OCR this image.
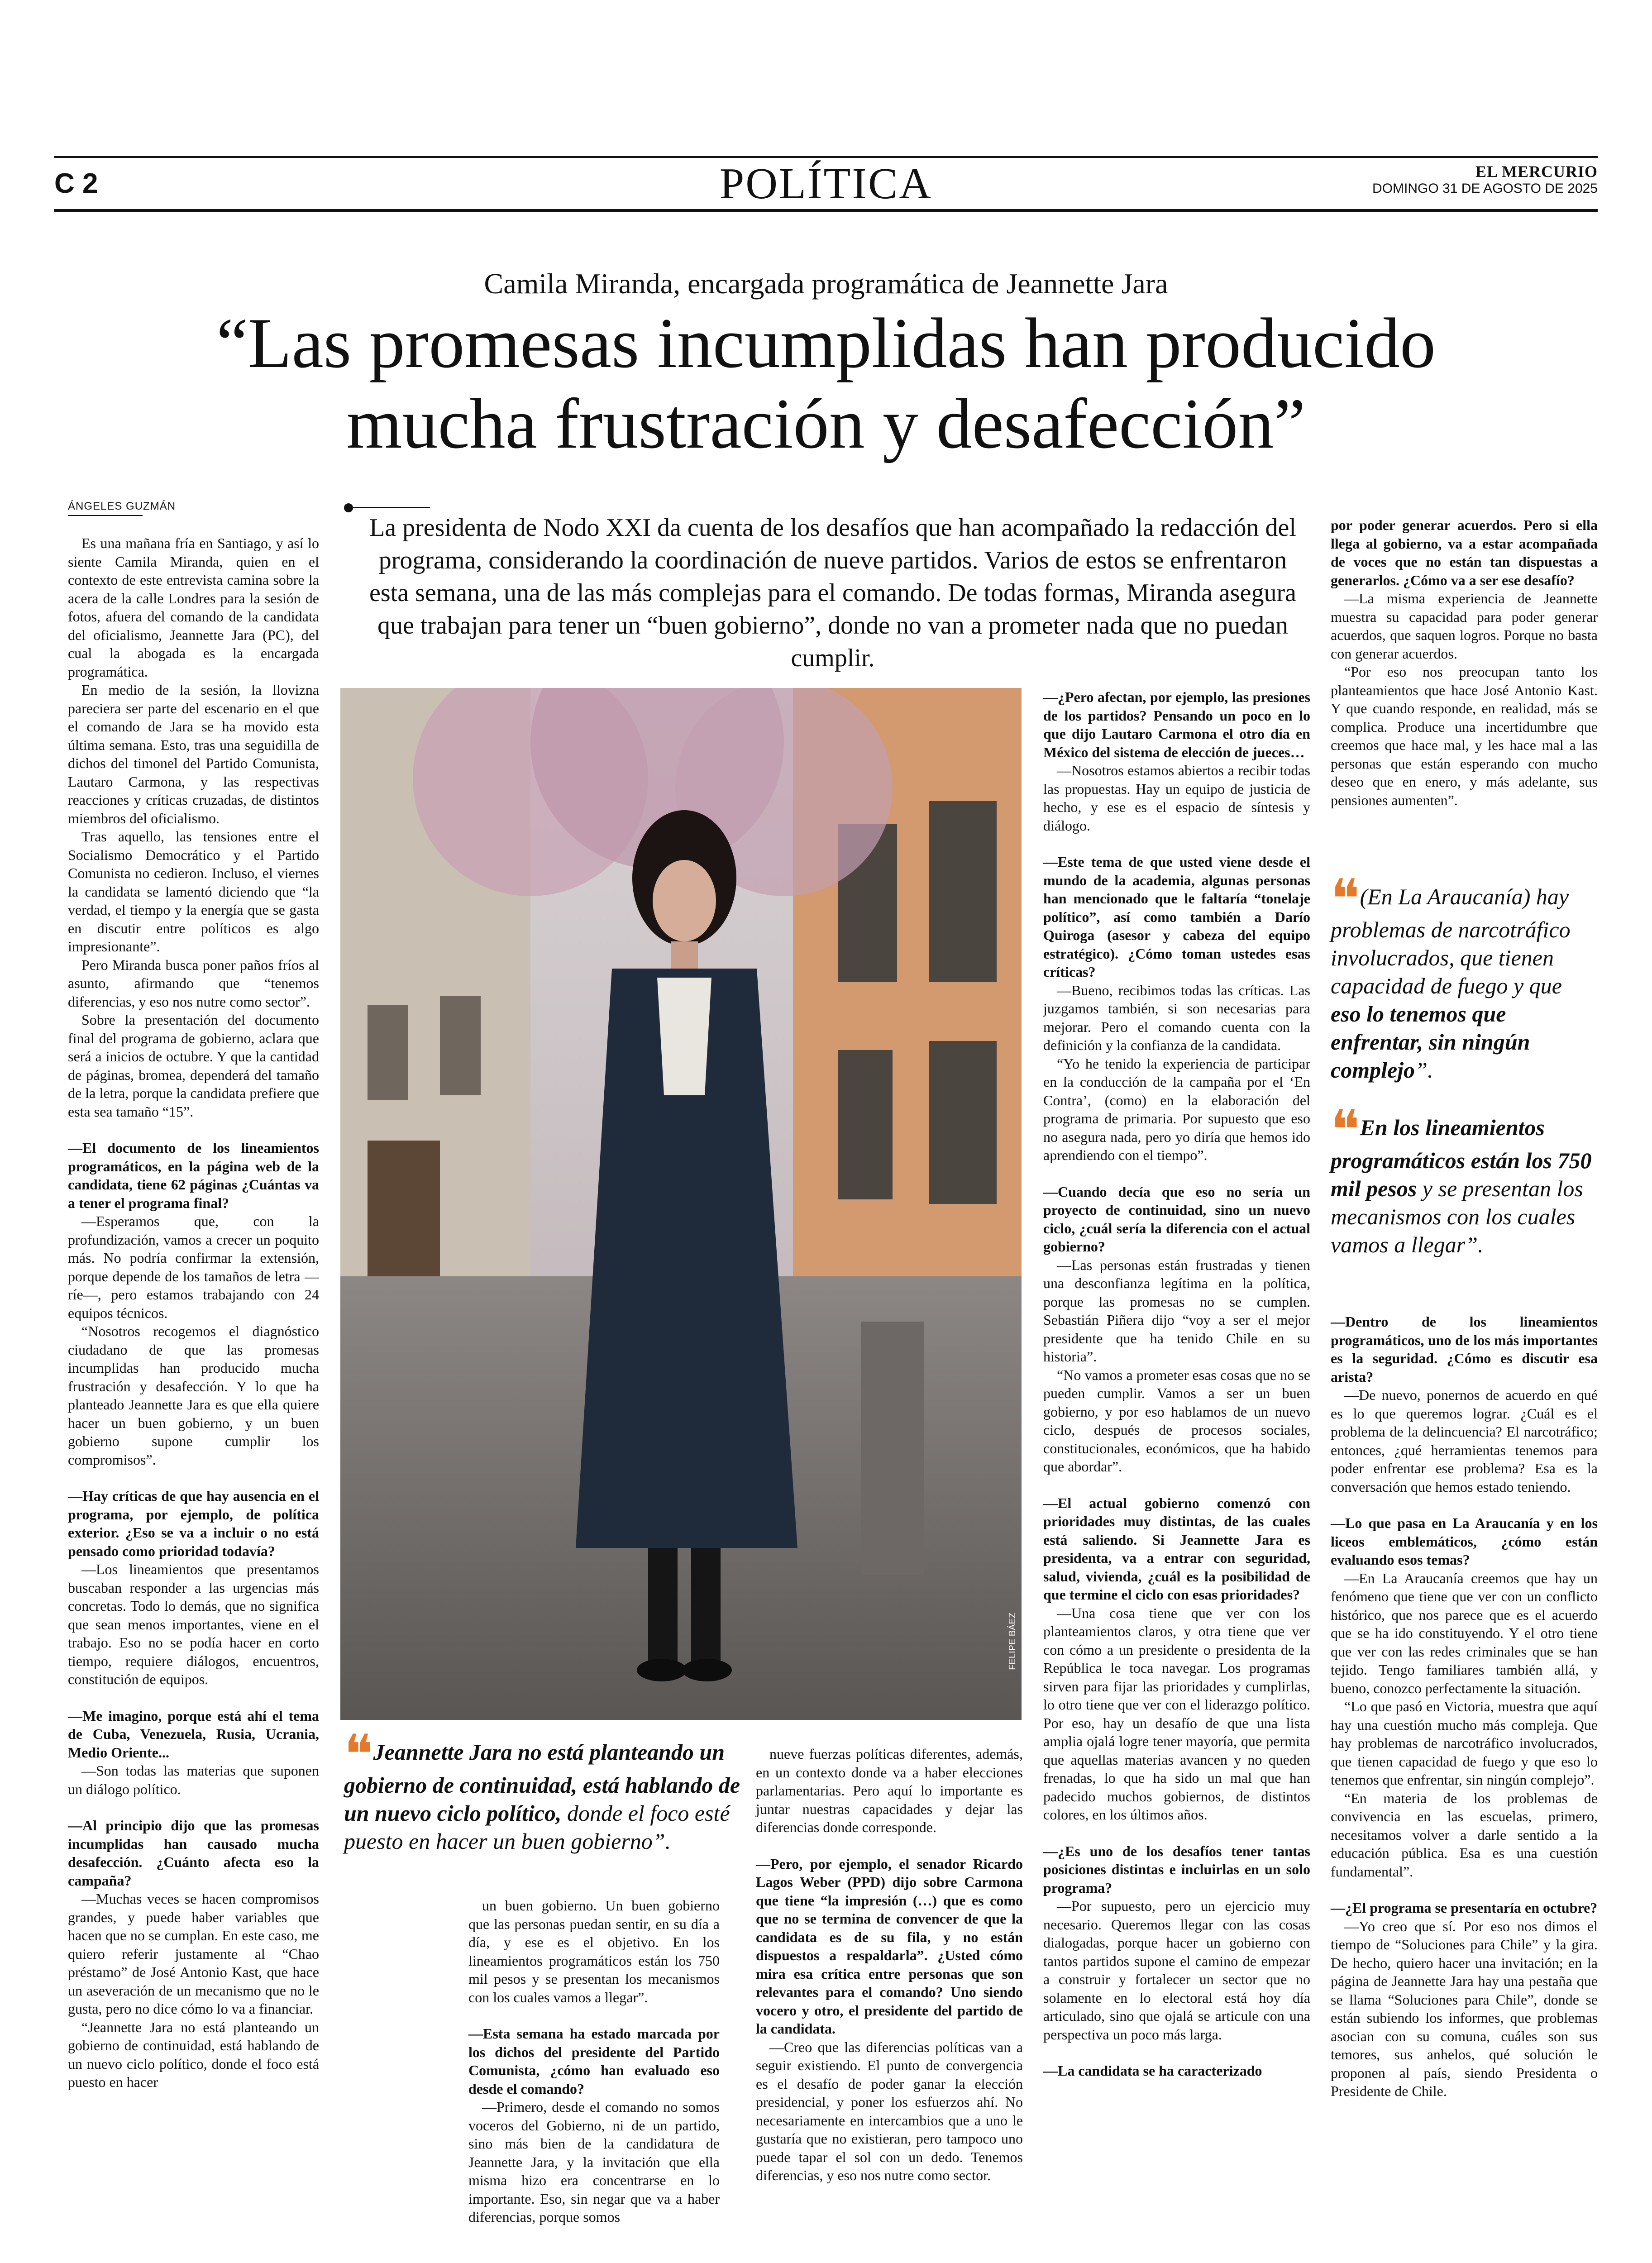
C 2	POLÍTICA	EL MERCURIO
DOMINGO 31 DE AGOSTO DE 2025
Camila Miranda, encargada programática de Jeannette Jara
“Las promesas incumplidas han producido
mucha frustración y desafección”
ÁNGELES GUZMÁN
La presidenta de Nodo XXI da cuenta de los desafíos que han acompañado la redacción del programa, considerando la coordinación de nueve partidos. Varios de estos se enfrentaron esta semana, una de las más complejas para el comando. De todas formas, Miranda asegura que trabajan para tener un “buen gobierno”, donde no van a prometer nada que no puedan cumplir.

Es una mañana fría en Santiago, y así lo siente Camila Miranda, quien en el contexto de este entrevista camina sobre la acera de la calle Londres para la sesión de fotos, afuera del comando de la candidata del oficialismo, Jeannette Jara (PC), del cual la abogada es la encargada programática.

En medio de la sesión, la llovizna pareciera ser parte del escenario en el que el comando de Jara se ha movido esta última semana. Esto, tras una seguidilla de dichos del timonel del Partido Comunista, Lautaro Carmona, y las respectivas reacciones y críticas cruzadas, de distintos miembros del oficialismo.

Tras aquello, las tensiones entre el Socialismo Democrático y el Partido Comunista no cedieron. Incluso, el viernes la candidata se lamentó diciendo que “la verdad, el tiempo y la energía que se gasta en discutir entre políticos es algo impresionante”.

Pero Miranda busca poner paños fríos al asunto, afirmando que “tenemos diferencias, y eso nos nutre como sector”.

Sobre la presentación del documento final del programa de gobierno, aclara que será a inicios de octubre. Y que la cantidad de páginas, bromea, dependerá del tamaño de la letra, porque la candidata prefiere que esta sea tamaño “15”.

—El documento de los lineamientos programáticos, en la página web de la candidata, tiene 62 páginas ¿Cuántas va a tener el programa final?

—Esperamos que, con la profundización, vamos a crecer un poquito más. No podría confirmar la extensión, porque depende de los tamaños de letra —ríe—, pero estamos trabajando con 24 equipos técnicos.

“Nosotros recogemos el diagnóstico ciudadano de que las promesas incumplidas han producido mucha frustración y desafección. Y lo que ha planteado Jeannette Jara es que ella quiere hacer un buen gobierno, y un buen gobierno supone cumplir los compromisos”.

—Hay críticas de que hay ausencia en el programa, por ejemplo, de política exterior. ¿Eso se va a incluir o no está pensado como prioridad todavía?

—Los lineamientos que presentamos buscaban responder a las urgencias más concretas. Todo lo demás, que no significa que sean menos importantes, viene en el trabajo. Eso no se podía hacer en corto tiempo, requiere diálogos, encuentros, constitución de equipos.

—Me imagino, porque está ahí el tema de Cuba, Venezuela, Rusia, Ucrania, Medio Oriente...

—Son todas las materias que suponen un diálogo político.

—Al principio dijo que las promesas incumplidas han causado mucha desafección. ¿Cuánto afecta eso la campaña?

—Muchas veces se hacen compromisos grandes, y puede haber variables que hacen que no se cumplan. En este caso, me quiero referir justamente al “Chao préstamo” de José Antonio Kast, que hace un aseveración de un mecanismo que no le gusta, pero no dice cómo lo va a financiar.

“Jeannette Jara no está planteando un gobierno de continuidad, está hablando de un nuevo ciclo político, donde el foco está puesto en hacer

FELIPE BÁEZ
❝ Jeannette Jara no está planteando un gobierno de continuidad, está hablando de un nuevo ciclo político, donde el foco esté puesto en hacer un buen gobierno”.

un buen gobierno. Un buen gobierno que las personas puedan sentir, en su día a día, y ese es el objetivo. En los lineamientos programáticos están los 750 mil pesos y se presentan los mecanismos con los cuales vamos a llegar”.

—Esta semana ha estado marcada por los dichos del presidente del Partido Comunista, ¿cómo han evaluado eso desde el comando?

—Primero, desde el comando no somos voceros del Gobierno, ni de un partido, sino más bien de la candidatura de Jeannette Jara, y la invitación que ella misma hizo era concentrarse en lo importante. Eso, sin negar que va a haber diferencias, porque somos

nueve fuerzas políticas diferentes, además, en un contexto donde va a haber elecciones parlamentarias. Pero aquí lo importante es juntar nuestras capacidades y dejar las diferencias donde corresponde.

—Pero, por ejemplo, el senador Ricardo Lagos Weber (PPD) dijo sobre Carmona que tiene “la impresión (…) que es como que no se termina de convencer de que la candidata es de su fila, y no están dispuestos a respaldarla”. ¿Usted cómo mira esa crítica entre personas que son relevantes para el comando? Uno siendo vocero y otro, el presidente del partido de la candidata.

—Creo que las diferencias políticas van a seguir existiendo. El punto de convergencia es el desafío de poder ganar la elección presidencial, y poner los esfuerzos ahí. No necesariamente en intercambios que a uno le gustaría que no existieran, pero tampoco uno puede tapar el sol con un dedo. Tenemos diferencias, y eso nos nutre como sector.

—¿Pero afectan, por ejemplo, las presiones de los partidos? Pensando un poco en lo que dijo Lautaro Carmona el otro día en México del sistema de elección de jueces…

—Nosotros estamos abiertos a recibir todas las propuestas. Hay un equipo de justicia de hecho, y ese es el espacio de síntesis y diálogo.

—Este tema de que usted viene desde el mundo de la academia, algunas personas han mencionado que le faltaría “tonelaje político”, así como también a Darío Quiroga (asesor y cabeza del equipo estratégico). ¿Cómo toman ustedes esas críticas?

—Bueno, recibimos todas las críticas. Las juzgamos también, si son necesarias para mejorar. Pero el comando cuenta con la definición y la confianza de la candidata.

“Yo he tenido la experiencia de participar en la conducción de la campaña por el ‘En Contra’, (como) en la elaboración del programa de primaria. Por supuesto que eso no asegura nada, pero yo diría que hemos ido aprendiendo con el tiempo”.

—Cuando decía que eso no sería un proyecto de continuidad, sino un nuevo ciclo, ¿cuál sería la diferencia con el actual gobierno?

—Las personas están frustradas y tienen una desconfianza legítima en la política, porque las promesas no se cumplen. Sebastián Piñera dijo “voy a ser el mejor presidente que ha tenido Chile en su historia”.

“No vamos a prometer esas cosas que no se pueden cumplir. Vamos a ser un buen gobierno, y por eso hablamos de un nuevo ciclo, después de procesos sociales, constitucionales, económicos, que ha habido que abordar”.

—El actual gobierno comenzó con prioridades muy distintas, de las cuales está saliendo. Si Jeannette Jara es presidenta, va a entrar con seguridad, salud, vivienda, ¿cuál es la posibilidad de que termine el ciclo con esas prioridades?

—Una cosa tiene que ver con los planteamientos claros, y otra tiene que ver con cómo a un presidente o presidenta de la República le toca navegar. Los programas sirven para fijar las prioridades y cumplirlas, lo otro tiene que ver con el liderazgo político. Por eso, hay un desafío de que una lista amplia ojalá logre tener mayoría, que permita que aquellas materias avancen y no queden frenadas, lo que ha sido un mal que han padecido muchos gobiernos, de distintos colores, en los últimos años.

—¿Es uno de los desafíos tener tantas posiciones distintas e incluirlas en un solo programa?

—Por supuesto, pero un ejercicio muy necesario. Queremos llegar con las cosas dialogadas, porque hacer un gobierno con tantos partidos supone el camino de empezar a construir y fortalecer un sector que no solamente en lo electoral está hoy día articulado, sino que ojalá se articule con una perspectiva un poco más larga.

—La candidata se ha caracterizado

por poder generar acuerdos. Pero si ella llega al gobierno, va a estar acompañada de voces que no están tan dispuestas a generarlos. ¿Cómo va a ser ese desafío?

—La misma experiencia de Jeannette muestra su capacidad para poder generar acuerdos, que saquen logros. Porque no basta con generar acuerdos.

“Por eso nos preocupan tanto los planteamientos que hace José Antonio Kast. Y que cuando responde, en realidad, más se complica. Produce una incertidumbre que creemos que hace mal, y les hace mal a las personas que están esperando con mucho deseo que en enero, y más adelante, sus pensiones aumenten”.

❝ (En La Araucanía) hay problemas de narcotráfico involucrados, que tienen capacidad de fuego y que eso lo tenemos que enfrentar, sin ningún complejo”.
❝ En los lineamientos programáticos están los 750 mil pesos y se presentan los mecanismos con los cuales vamos a llegar”.

—Dentro de los lineamientos programáticos, uno de los más importantes es la seguridad. ¿Cómo es discutir esa arista?

—De nuevo, ponernos de acuerdo en qué es lo que queremos lograr. ¿Cuál es el problema de la delincuencia? El narcotráfico; entonces, ¿qué herramientas tenemos para poder enfrentar ese problema? Esa es la conversación que hemos estado teniendo.

—Lo que pasa en La Araucanía y en los liceos emblemáticos, ¿cómo están evaluando esos temas?

—En La Araucanía creemos que hay un fenómeno que tiene que ver con un conflicto histórico, que nos parece que es el acuerdo que se ha ido constituyendo. Y el otro tiene que ver con las redes criminales que se han tejido. Tengo familiares también allá, y bueno, conozco perfectamente la situación.

“Lo que pasó en Victoria, muestra que aquí hay una cuestión mucho más compleja. Que hay problemas de narcotráfico involucrados, que tienen capacidad de fuego y que eso lo tenemos que enfrentar, sin ningún complejo”.

“En materia de los problemas de convivencia en las escuelas, primero, necesitamos volver a darle sentido a la educación pública. Esa es una cuestión fundamental”.

—¿El programa se presentaría en octubre?

—Yo creo que sí. Por eso nos dimos el tiempo de “Soluciones para Chile” y la gira. De hecho, quiero hacer una invitación; en la página de Jeannette Jara hay una pestaña que se llama “Soluciones para Chile”, donde se están subiendo los informes, que problemas asocian con su comuna, cuáles son sus temores, sus anhelos, qué solución le proponen al país, siendo Presidenta o Presidente de Chile.
